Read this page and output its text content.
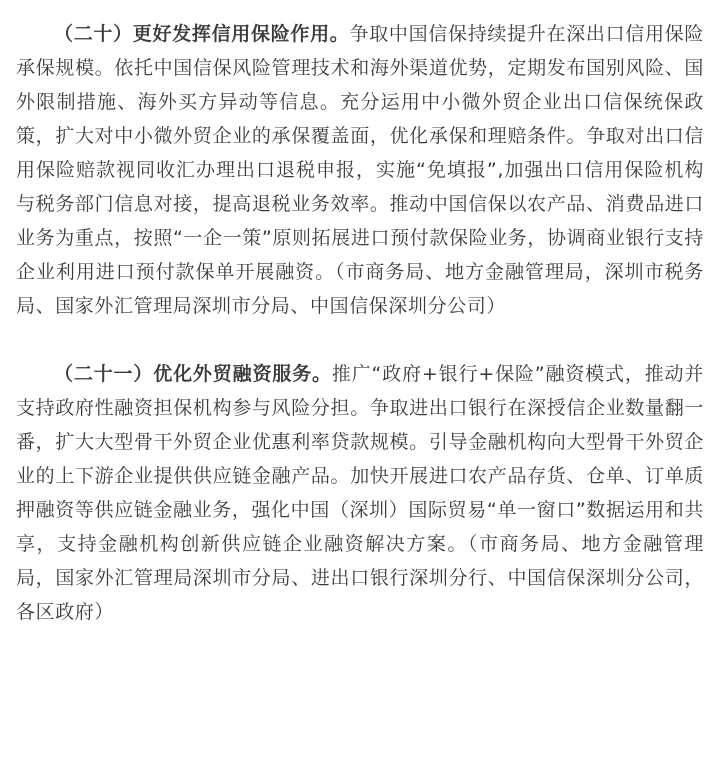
（二十）更好发挥信用保险作用。争取中国信保持续提升在深出口信用保险承保规模。依托中国信保风险管理技术和海外渠道优势，定期发布国别风险、国外限制措施、海外买方异动等信息。充分运用中小微外贸企业出口信保统保政策，扩大对中小微外贸企业的承保覆盖面，优化承保和理赔条件。争取对出口信用保险赔款视同收汇办理出口退税申报，实施“免填报”,加强出口信用保险机构与税务部门信息对接，提高退税业务效率。推动中国信保以农产品、消费品进口业务为重点，按照“一企一策”原则拓展进口预付款保险业务，协调商业银行支持企业利用进口预付款保单开展融资。（市商务局、地方金融管理局，深圳市税务局、国家外汇管理局深圳市分局、中国信保深圳分公司）

（二十一）优化外贸融资服务。推广“政府+银行+保险”融资模式，推动并支持政府性融资担保机构参与风险分担。争取进出口银行在深授信企业数量翻一番，扩大大型骨干外贸企业优惠利率贷款规模。引导金融机构向大型骨干外贸企业的上下游企业提供供应链金融产品。加快开展进口农产品存货、仓单、订单质押融资等供应链金融业务，强化中国（深圳）国际贸易“单一窗口”数据运用和共享，支持金融机构创新供应链企业融资解决方案。（市商务局、地方金融管理局，国家外汇管理局深圳市分局、进出口银行深圳分行、中国信保深圳分公司，各区政府）
